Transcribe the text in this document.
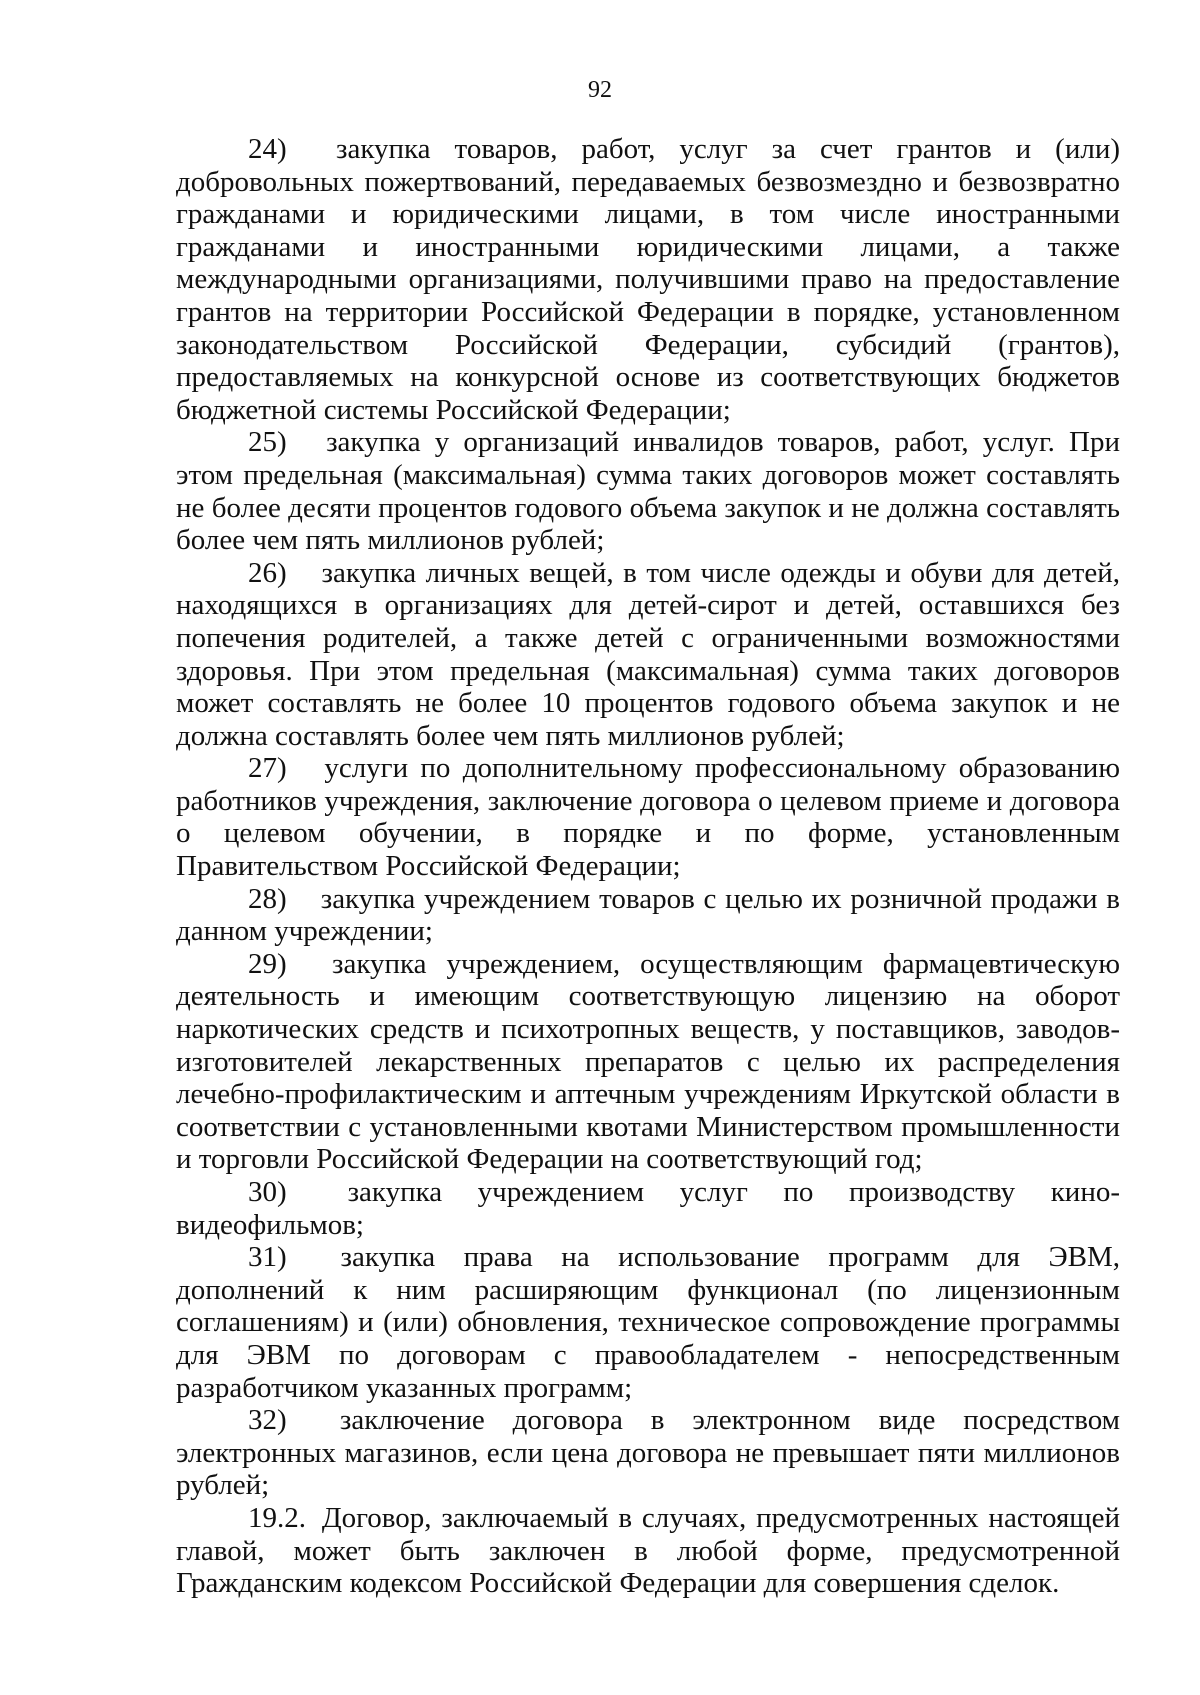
92

24) закупка товаров, работ, услуг за счет грантов и (или) добровольных пожертвований, передаваемых безвозмездно и безвозвратно гражданами и юридическими лицами, в том числе иностранными гражданами и иностранными юридическими лицами, а также международными организациями, получившими право на предоставление грантов на территории Российской Федерации в порядке, установленном законодательством Российской Федерации, субсидий (грантов), предоставляемых на конкурсной основе из соответствующих бюджетов бюджетной системы Российской Федерации;

25) закупка у организаций инвалидов товаров, работ, услуг. При этом предельная (максимальная) сумма таких договоров может составлять не более десяти процентов годового объема закупок и не должна составлять более чем пять миллионов рублей;

26) закупка личных вещей, в том числе одежды и обуви для детей, находящихся в организациях для детей-сирот и детей, оставшихся без попечения родителей, а также детей с ограниченными возможностями здоровья. При этом предельная (максимальная) сумма таких договоров может составлять не более 10 процентов годового объема закупок и не должна составлять более чем пять миллионов рублей;

27) услуги по дополнительному профессиональному образованию работников учреждения, заключение договора о целевом приеме и договора о целевом обучении, в порядке и по форме, установленным Правительством Российской Федерации;

28) закупка учреждением товаров с целью их розничной продажи в данном учреждении;

29) закупка учреждением, осуществляющим фармацевтическую деятельность и имеющим соответствующую лицензию на оборот наркотических средств и психотропных веществ, у поставщиков, заводов-изготовителей лекарственных препаратов с целью их распределения лечебно-профилактическим и аптечным учреждениям Иркутской области в соответствии с установленными квотами Министерством промышленности и торговли Российской Федерации на соответствующий год;

30) закупка учреждением услуг по производству кино-видеофильмов;

31) закупка права на использование программ для ЭВМ, дополнений к ним расширяющим функционал (по лицензионным соглашениям) и (или) обновления, техническое сопровождение программы для ЭВМ по договорам с правообладателем - непосредственным разработчиком указанных программ;

32) заключение договора в электронном виде посредством электронных магазинов, если цена договора не превышает пяти миллионов рублей;

19.2. Договор, заключаемый в случаях, предусмотренных настоящей главой, может быть заключен в любой форме, предусмотренной Гражданским кодексом Российской Федерации для совершения сделок.
